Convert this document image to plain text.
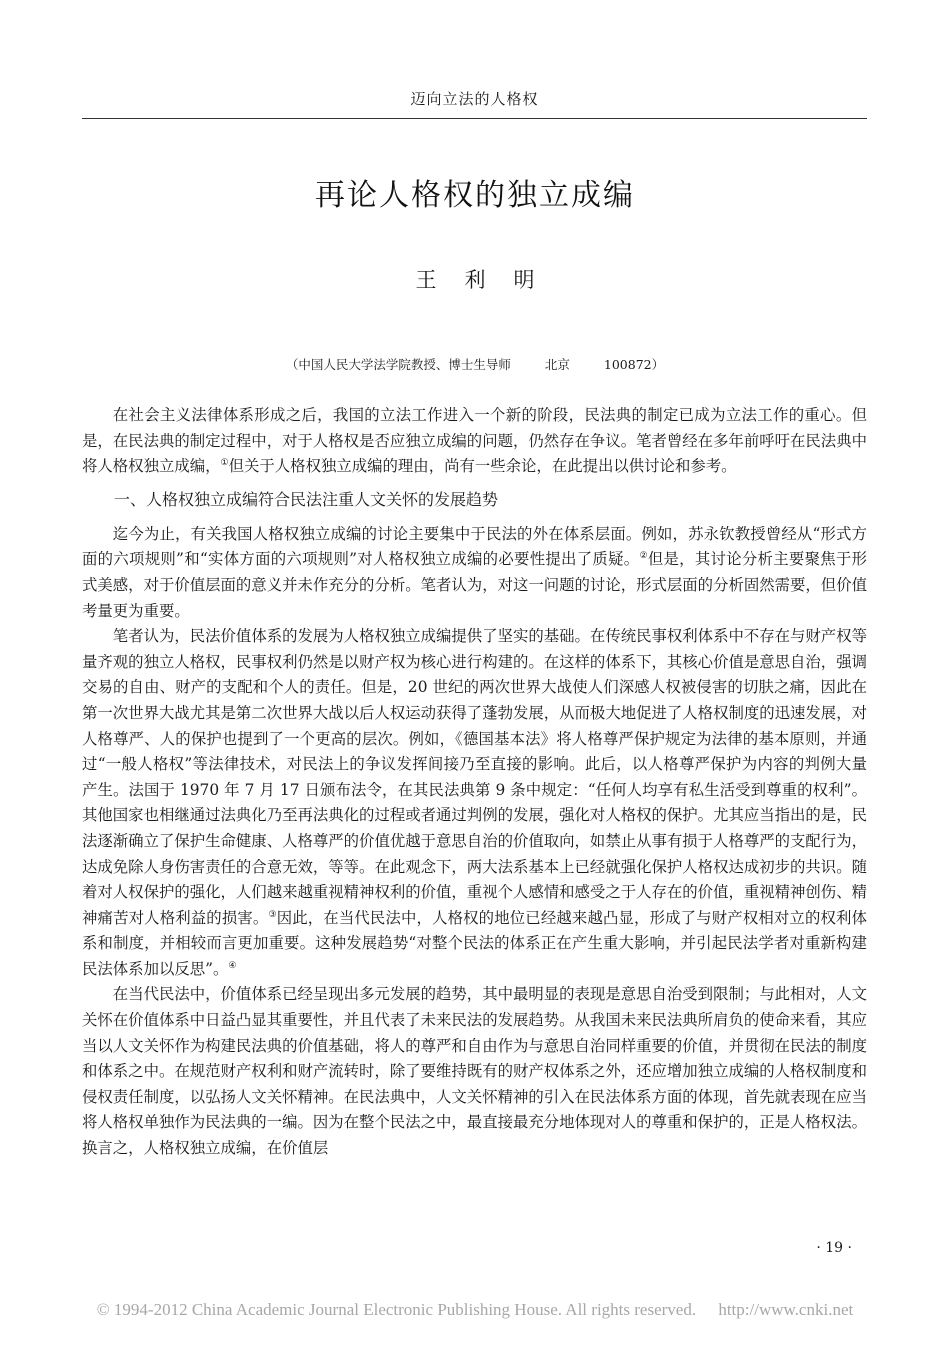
迈向立法的人格权
再论人格权的独立成编
王利明
（中国人民大学法学院教授、博士生导师	北京	100872）

在社会主义法律体系形成之后，我国的立法工作进入一个新的阶段，民法典的制定已成为立法工作的重心。但是，在民法典的制定过程中，对于人格权是否应独立成编的问题，仍然存在争议。笔者曾经在多年前呼吁在民法典中将人格权独立成编，①但关于人格权独立成编的理由，尚有一些余论，在此提出以供讨论和参考。

一、人格权独立成编符合民法注重人文关怀的发展趋势

迄今为止，有关我国人格权独立成编的讨论主要集中于民法的外在体系层面。例如，苏永钦教授曾经从“形式方面的六项规则”和“实体方面的六项规则”对人格权独立成编的必要性提出了质疑。②但是，其讨论分析主要聚焦于形式美感，对于价值层面的意义并未作充分的分析。笔者认为，对这一问题的讨论，形式层面的分析固然需要，但价值考量更为重要。

笔者认为，民法价值体系的发展为人格权独立成编提供了坚实的基础。在传统民事权利体系中不存在与财产权等量齐观的独立人格权，民事权利仍然是以财产权为核心进行构建的。在这样的体系下，其核心价值是意思自治，强调交易的自由、财产的支配和个人的责任。但是，20 世纪的两次世界大战使人们深感人权被侵害的切肤之痛，因此在第一次世界大战尤其是第二次世界大战以后人权运动获得了蓬勃发展，从而极大地促进了人格权制度的迅速发展，对人格尊严、人的保护也提到了一个更高的层次。例如，《德国基本法》将人格尊严保护规定为法律的基本原则，并通过“一般人格权”等法律技术，对民法上的争议发挥间接乃至直接的影响。此后，以人格尊严保护为内容的判例大量产生。法国于 1970 年 7 月 17 日颁布法令，在其民法典第 9 条中规定：“任何人均享有私生活受到尊重的权利”。其他国家也相继通过法典化乃至再法典化的过程或者通过判例的发展，强化对人格权的保护。尤其应当指出的是，民法逐渐确立了保护生命健康、人格尊严的价值优越于意思自治的价值取向，如禁止从事有损于人格尊严的支配行为，达成免除人身伤害责任的合意无效，等等。在此观念下，两大法系基本上已经就强化保护人格权达成初步的共识。随着对人权保护的强化，人们越来越重视精神权利的价值，重视个人感情和感受之于人存在的价值，重视精神创伤、精神痛苦对人格利益的损害。③因此，在当代民法中，人格权的地位已经越来越凸显，形成了与财产权相对立的权利体系和制度，并相较而言更加重要。这种发展趋势“对整个民法的体系正在产生重大影响，并引起民法学者对重新构建民法体系加以反思”。④

在当代民法中，价值体系已经呈现出多元发展的趋势，其中最明显的表现是意思自治受到限制；与此相对，人文关怀在价值体系中日益凸显其重要性，并且代表了未来民法的发展趋势。从我国未来民法典所肩负的使命来看，其应当以人文关怀作为构建民法典的价值基础，将人的尊严和自由作为与意思自治同样重要的价值，并贯彻在民法的制度和体系之中。在规范财产权利和财产流转时，除了要维持既有的财产权体系之外，还应增加独立成编的人格权制度和侵权责任制度，以弘扬人文关怀精神。在民法典中，人文关怀精神的引入在民法体系方面的体现，首先就表现在应当将人格权单独作为民法典的一编。因为在整个民法之中，最直接最充分地体现对人的尊重和保护的，正是人格权法。换言之，人格权独立成编，在价值层

· 19 ·
© 1994-2012 China Academic Journal Electronic Publishing House. All rights reserved. http://www.cnki.net
